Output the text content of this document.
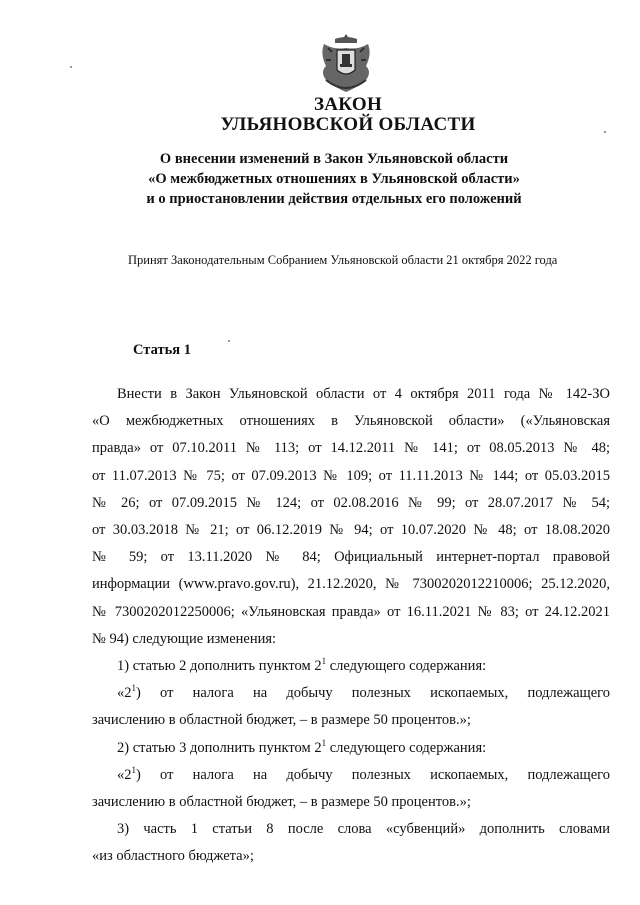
ЗАКОН
УЛЬЯНОВСКОЙ ОБЛАСТИ
О внесении изменений в Закон Ульяновской области
«О межбюджетных отношениях в Ульяновской области»
и о приостановлении действия отдельных его положений
Принят Законодательным Собранием Ульяновской области 21 октября 2022 года
Статья 1

Внести в Закон Ульяновской области от 4 октября 2011 года № 142-ЗО

«О межбюджетных отношениях в Ульяновской области» («Ульяновская

правда» от 07.10.2011 № 113; от 14.12.2011 № 141; от 08.05.2013 № 48;

от 11.07.2013 № 75; от 07.09.2013 № 109; от 11.11.2013 № 144; от 05.03.2015

№ 26; от 07.09.2015 № 124; от 02.08.2016 № 99; от 28.07.2017 № 54;

от 30.03.2018 № 21; от 06.12.2019 № 94; от 10.07.2020 № 48; от 18.08.2020

№ 59; от 13.11.2020 № 84; Официальный интернет-портал правовой

информации (www.pravo.gov.ru), 21.12.2020, № 7300202012210006; 25.12.2020,

№ 7300202012250006; «Ульяновская правда» от 16.11.2021 № 83; от 24.12.2021

№ 94) следующие изменения:

1) статью 2 дополнить пунктом $2^1$ следующего содержания:

«$2^1$) от налога на добычу полезных ископаемых, подлежащего

зачислению в областной бюджет, – в размере 50 процентов.»;

2) статью 3 дополнить пунктом $2^1$ следующего содержания:

«$2^1$) от налога на добычу полезных ископаемых, подлежащего

зачислению в областной бюджет, – в размере 50 процентов.»;

3) часть 1 статьи 8 после слова «субвенций» дополнить словами

«из областного бюджета»;
